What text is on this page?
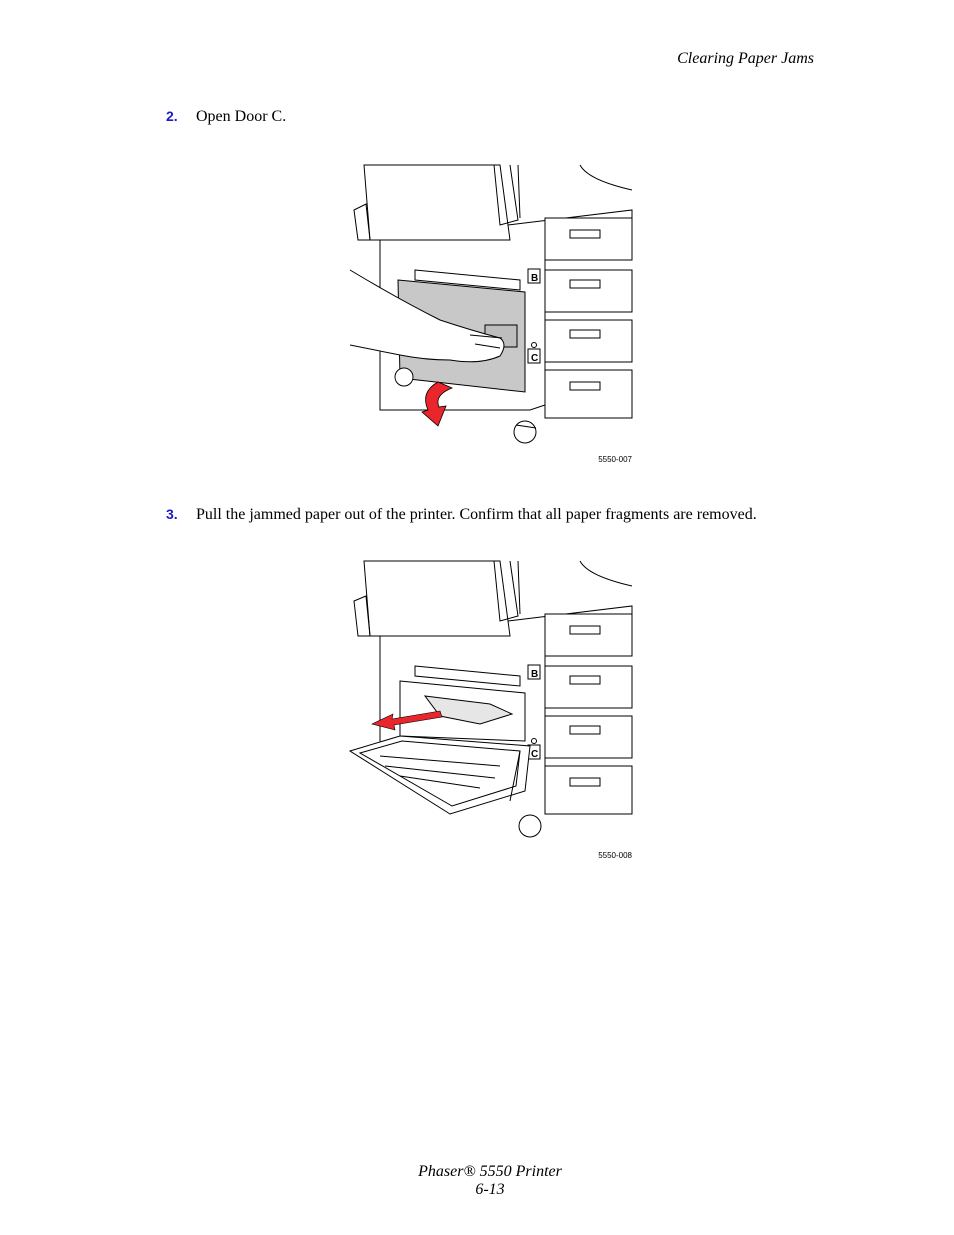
Clearing Paper Jams
2. Open Door C.
B
C
5550-007
3. Pull the jammed paper out of the printer. Confirm that all paper fragments are removed.
B
C
5550-008
Phaser® 5550 Printer
6-13
